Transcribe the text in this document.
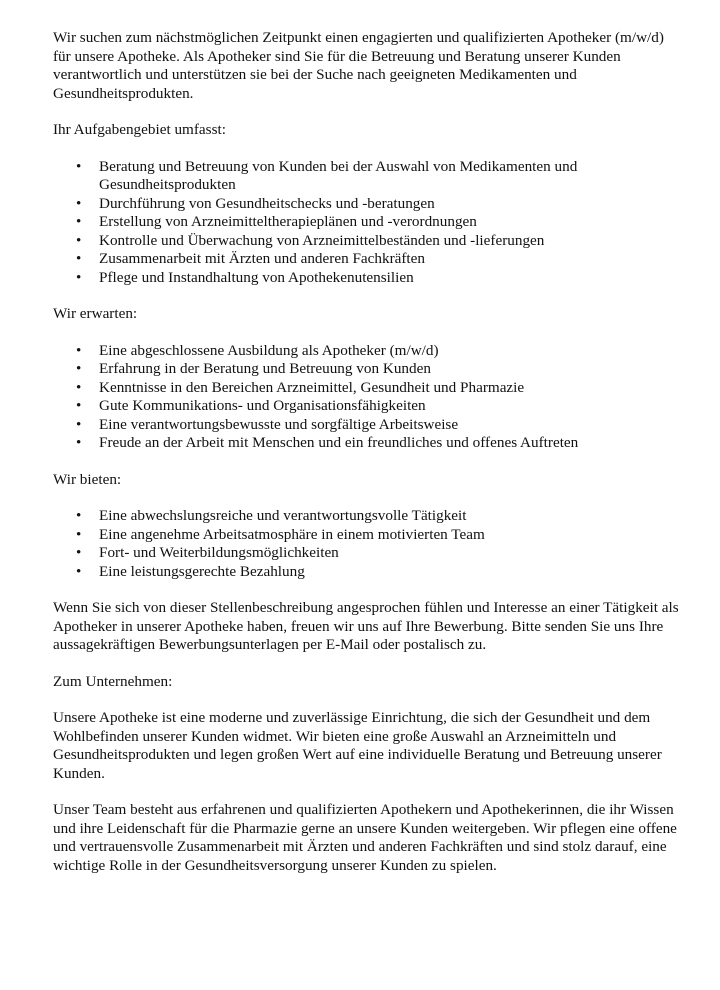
Wir suchen zum nächstmöglichen Zeitpunkt einen engagierten und qualifizierten Apotheker (m/w/d) für unsere Apotheke. Als Apotheker sind Sie für die Betreuung und Beratung unserer Kunden verantwortlich und unterstützen sie bei der Suche nach geeigneten Medikamenten und Gesundheitsprodukten.

Ihr Aufgabengebiet umfasst:

• Beratung und Betreuung von Kunden bei der Auswahl von Medikamenten und Gesundheitsprodukten
• Durchführung von Gesundheitschecks und -beratungen
• Erstellung von Arzneimitteltherapieplänen und -verordnungen
• Kontrolle und Überwachung von Arzneimittelbeständen und -lieferungen
• Zusammenarbeit mit Ärzten und anderen Fachkräften
• Pflege und Instandhaltung von Apothekenutensilien

Wir erwarten:

• Eine abgeschlossene Ausbildung als Apotheker (m/w/d)
• Erfahrung in der Beratung und Betreuung von Kunden
• Kenntnisse in den Bereichen Arzneimittel, Gesundheit und Pharmazie
• Gute Kommunikations- und Organisationsfähigkeiten
• Eine verantwortungsbewusste und sorgfältige Arbeitsweise
• Freude an der Arbeit mit Menschen und ein freundliches und offenes Auftreten

Wir bieten:

• Eine abwechslungsreiche und verantwortungsvolle Tätigkeit
• Eine angenehme Arbeitsatmosphäre in einem motivierten Team
• Fort- und Weiterbildungsmöglichkeiten
• Eine leistungsgerechte Bezahlung

Wenn Sie sich von dieser Stellenbeschreibung angesprochen fühlen und Interesse an einer Tätigkeit als Apotheker in unserer Apotheke haben, freuen wir uns auf Ihre Bewerbung. Bitte senden Sie uns Ihre aussagekräftigen Bewerbungsunterlagen per E-Mail oder postalisch zu.

Zum Unternehmen:

Unsere Apotheke ist eine moderne und zuverlässige Einrichtung, die sich der Gesundheit und dem Wohlbefinden unserer Kunden widmet. Wir bieten eine große Auswahl an Arzneimitteln und Gesundheitsprodukten und legen großen Wert auf eine individuelle Beratung und Betreuung unserer Kunden.

Unser Team besteht aus erfahrenen und qualifizierten Apothekern und Apothekerinnen, die ihr Wissen und ihre Leidenschaft für die Pharmazie gerne an unsere Kunden weitergeben. Wir pflegen eine offene und vertrauensvolle Zusammenarbeit mit Ärzten und anderen Fachkräften und sind stolz darauf, eine wichtige Rolle in der Gesundheitsversorgung unserer Kunden zu spielen.
